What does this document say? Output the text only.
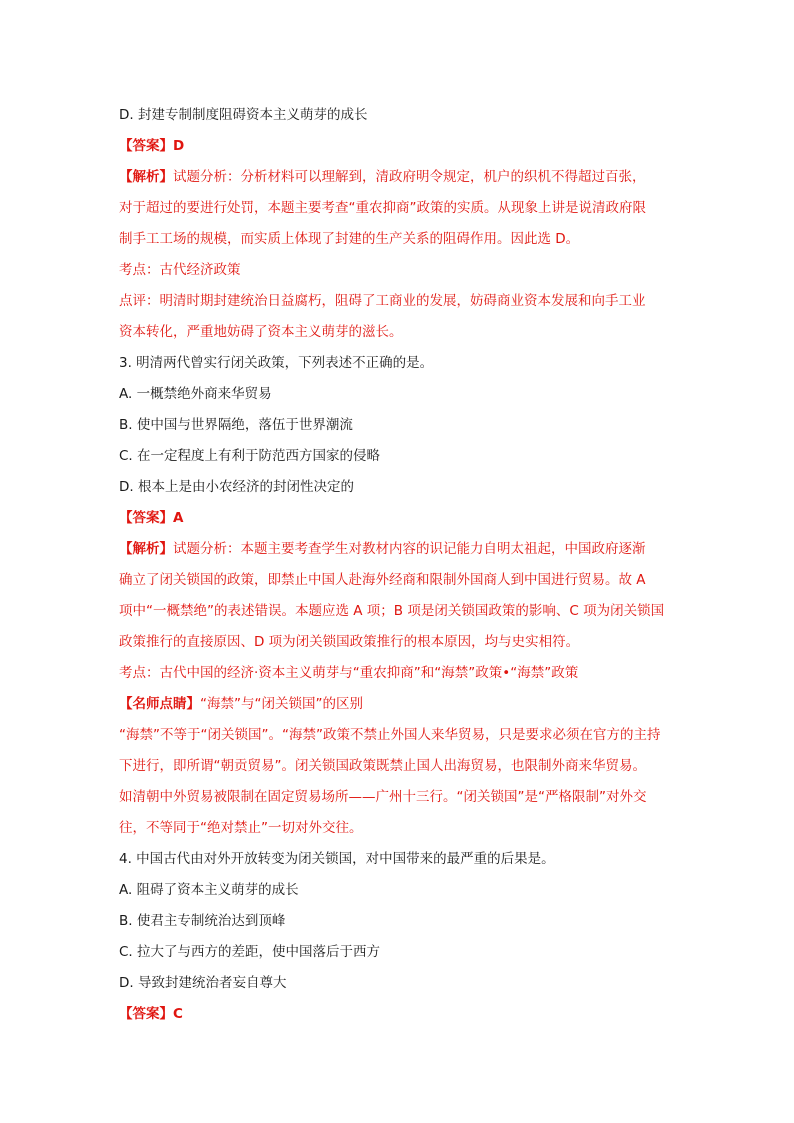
D. 封建专制制度阻碍资本主义萌芽的成长
【答案】D
【解析】试题分析：分析材料可以理解到，清政府明令规定，机户的织机不得超过百张，
对于超过的要进行处罚，本题主要考查“重农抑商”政策的实质。从现象上讲是说清政府限
制手工工场的规模，而实质上体现了封建的生产关系的阻碍作用。因此选 D。
考点：古代经济政策
点评：明清时期封建统治日益腐朽，阻碍了工商业的发展，妨碍商业资本发展和向手工业
资本转化，严重地妨碍了资本主义萌芽的滋长。
3. 明清两代曾实行闭关政策，下列表述不正确的是。
A. 一概禁绝外商来华贸易
B. 使中国与世界隔绝，落伍于世界潮流
C. 在一定程度上有利于防范西方国家的侵略
D. 根本上是由小农经济的封闭性决定的
【答案】A
【解析】试题分析：本题主要考查学生对教材内容的识记能力自明太祖起，中国政府逐渐
确立了闭关锁国的政策，即禁止中国人赴海外经商和限制外国商人到中国进行贸易。故 A
项中“一概禁绝”的表述错误。本题应选 A 项；B 项是闭关锁国政策的影响、C 项为闭关锁国
政策推行的直接原因、D 项为闭关锁国政策推行的根本原因，均与史实相符。
考点：古代中国的经济·资本主义萌芽与“重农抑商”和“海禁”政策•“海禁”政策
【名师点睛】“海禁”与“闭关锁国”的区别
“海禁”不等于“闭关锁国”。“海禁”政策不禁止外国人来华贸易，只是要求必须在官方的主持
下进行，即所谓“朝贡贸易”。闭关锁国政策既禁止国人出海贸易，也限制外商来华贸易。
如清朝中外贸易被限制在固定贸易场所——广州十三行。“闭关锁国”是“严格限制”对外交
往，不等同于“绝对禁止”一切对外交往。
4. 中国古代由对外开放转变为闭关锁国，对中国带来的最严重的后果是。
A. 阻碍了资本主义萌芽的成长
B. 使君主专制统治达到顶峰
C. 拉大了与西方的差距，使中国落后于西方
D. 导致封建统治者妄自尊大
【答案】C
